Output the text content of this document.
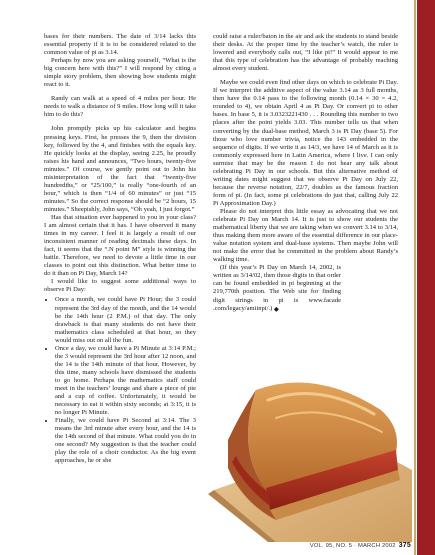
bases for their numbers. The date of 3/14 lacks this essential property if it is to be considered related to the common value of pi as 3.14.

Perhaps by now you are asking yourself, “What is the big concern here with this?” I will respond by citing a simple story problem, then showing how students might react to it.

Randy can walk at a speed of 4 miles per hour. He needs to walk a distance of 9 miles. How long will it take him to do this?

John promptly picks up his calculator and begins pressing keys. First, he presses the 9, then the division key, followed by the 4, and finishes with the equals key. He quickly looks at the display, seeing 2.25, he proudly raises his hand and announces, “Two hours, twenty-five minutes.” Of course, we gently point out to John his misinterpretation of the fact that “twenty-five hundredths,” or “25/100,” is really “one-fourth of an hour,” which is then “1/4 of 60 minutes” or just “15 minutes.” So the correct response should be “2 hours, 15 minutes.” Sheepishly, John says, “Oh yeah, I just forgot.”

Has that situation ever happened to you in your class? I am almost certain that it has. I have observed it many times in my career. I feel it is largely a result of our inconsistent manner of reading decimals these days. In fact, it seems that the “.N point M” style is winning the battle. Therefore, we need to devote a little time in our classes to point out this distinction. What better time to do it than on Pi Day, March 14?

I would like to suggest some additional ways to observe Pi Day:

• Once a month, we could have Pi Hour; the 3 could represent the 3rd day of the month, and the 14 would be the 14th hour (2 P.M.) of that day. The only drawback is that many students do not have their mathematics class scheduled at that hour, so they would miss out on all the fun.
• Once a day, we could have a Pi Minute at 3:14 P.M.; the 3 would represent the 3rd hour after 12 noon, and the 14 is the 14th minute of that hour. However, by this time, many schools have dismissed the students to go home. Perhaps the mathematics staff could meet in the teachers’ lounge and share a piece of pie and a cup of coffee. Unfortunately, it would be necessary to eat it within sixty seconds; at 3:15, it is no longer Pi Minute.
• Finally, we could have Pi Second at 3:14. The 3 means the 3rd minute after every hour, and the 14 is the 14th second of that minute. What could you do in one second? My suggestion is that the teacher could play the role of a choir conductor. As the big event approaches, he or she

could raise a ruler/baton in the air and ask the students to stand beside their desks. At the proper time by the teacher’s watch, the ruler is lowered and everybody calls out, “I like pi!” It would appear to me that this type of celebration has the advantage of probably reaching almost every student.

Maybe we could even find other days on which to celebrate Pi Day. If we interpret the additive aspect of the value 3.14 as 3 full months, then have the 0.14 pass to the following month (0.14 × 30 = 4.2, rounded to 4), we obtain April 4 as Pi Day. Or convert pi to other bases. In base 5, it is 3.0323221430 . . . Rounding this number to two places after the point yields 3.03. This number tells us that when converting by the dual-base method, March 3 is Pi Day (base 5). For those who love number trivia, notice the 143 embedded in the sequence of digits. If we write it as 14/3, we have 14 of March as it is commonly expressed here in Latin America, where I live. I can only surmise that may be the reason I do not hear any talk about celebrating Pi Day in our schools. But this alternative method of writing dates might suggest that we observe Pi Day on July 22, because the reverse notation, 22/7, doubles as the famous fraction form of pi. (In fact, some pi celebrations do just that, calling July 22 Pi Approximation Day.)

Please do not interpret this little essay as advocating that we not celebrate Pi Day on March 14. It is just to show our students the mathematical liberty that we are taking when we convert 3.14 to 3/14, thus making them more aware of the essential difference in our place-value notation system and dual-base systems. Then maybe John will not make the error that he committed in the problem about Randy’s walking time.

(If this year’s Pi Day on March 14, 2002, is written as 3/14/02, then those digits in that order can be found embedded in pi beginning at the 219,770th position. The Web site for finding digit strings in pi is www.facade .com/legacy/amiinpi/.) ◆

VOL. 95, NO. 5 · MARCH 2002 375
